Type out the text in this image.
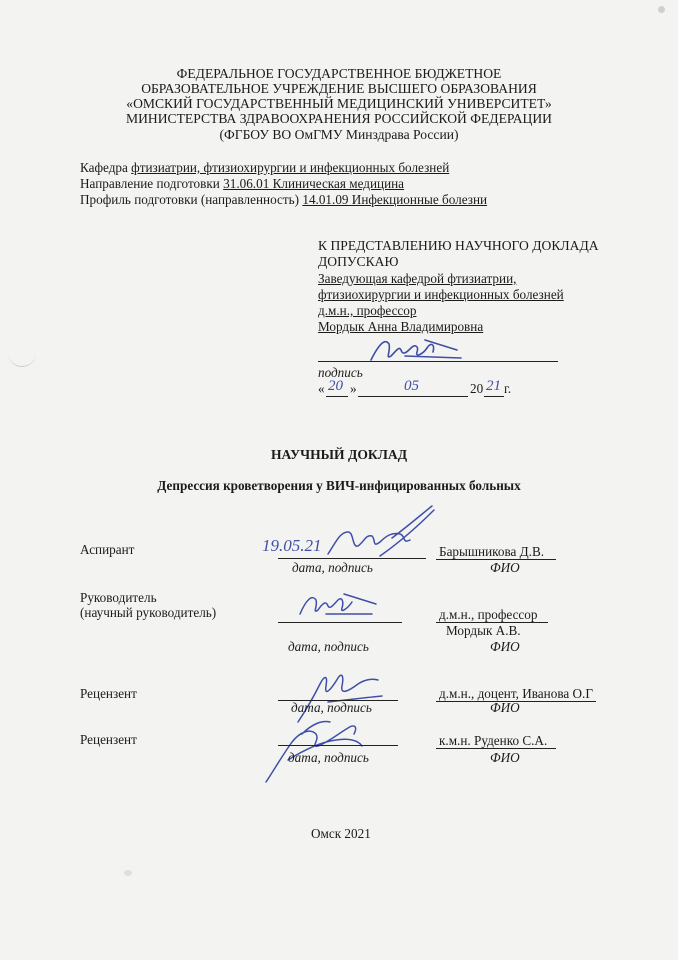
ФЕДЕРАЛЬНОЕ ГОСУДАРСТВЕННОЕ БЮДЖЕТНОЕ
ОБРАЗОВАТЕЛЬНОЕ УЧРЕЖДЕНИЕ ВЫСШЕГО ОБРАЗОВАНИЯ
«ОМСКИЙ ГОСУДАРСТВЕННЫЙ МЕДИЦИНСКИЙ УНИВЕРСИТЕТ»
МИНИСТЕРСТВА ЗДРАВООХРАНЕНИЯ РОССИЙСКОЙ ФЕДЕРАЦИИ
(ФГБОУ ВО ОмГМУ Минздрава России)
Кафедра фтизиатрии, фтизиохирургии и инфекционных болезней
Направление подготовки 31.06.01 Клиническая медицина
Профиль подготовки (направленность) 14.01.09 Инфекционные болезни
К ПРЕДСТАВЛЕНИЮ НАУЧНОГО ДОКЛАДА
ДОПУСКАЮ
Заведующая кафедрой фтизиатрии,
фтизиохирургии и инфекционных болезней
д.м.н., профессор
Мордык Анна Владимировна
подпись
« 20 »	05	20 21 г.
НАУЧНЫЙ ДОКЛАД
Депрессия кроветворения у ВИЧ-инфицированных больных
Аспирант	19.05.21
дата, подпись
Барышникова Д.В.
ФИО
Руководитель
(научный руководитель)
дата, подпись
д.м.н., профессор
Мордык А.В.
ФИО
Рецензент
дата, подпись
д.м.н., доцент, Иванова О.Г
ФИО
Рецензент
дата, подпись
к.м.н. Руденко С.А.
ФИО
Омск 2021
